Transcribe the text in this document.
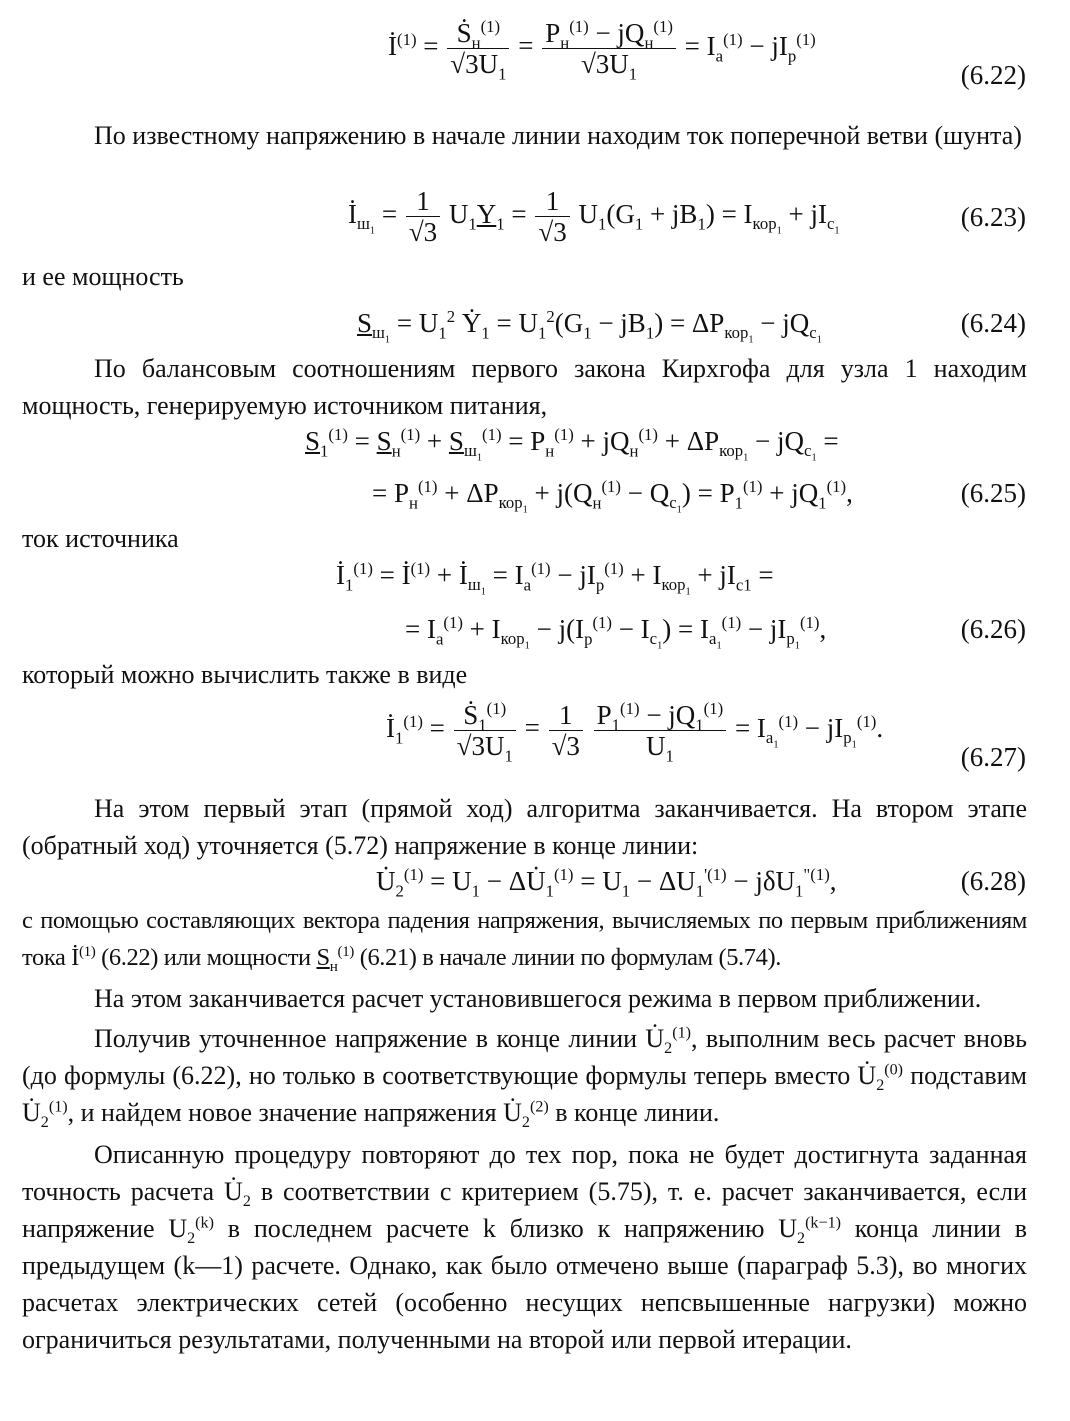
$İ^{(1)} = \frac{Ṡ_н^{(1)}}{√3U_1} = \frac{P_н^{(1)} - jQ_н^{(1)}}{√3U_1} = I_а^{(1)} - jI_р^{(1)}$
(6.22)
По известному напряжению в начале линии находим ток поперечной ветви (шунта)
$İ_{ш_1} = \frac{1}{√3} U_1Y_1 = \frac{1}{√3} U_1(G_1 + jB_1) = I_{кор_1} + jI_{c_1}$	(6.23)
и ее мощность
$S_{ш_1} = U_1^2$ $Ẏ_1 = U_1^2(G_1 - jB_1) = \Delta P_{кор_1} - jQ_{c_1}$
(6.24)
По балансовым соотношениям первого закона Кирхгофа для узла 1 находим мощность, генерируемую источником питания,
$S_1^{(1)} = S_н^{(1)} + S_{ш_1}^{(1)} = P_н^{(1)} + jQ_н^{(1)} + \Delta P_{кор_1} - jQ_{c_1}$ =
= $P_н^{(1)} + \Delta P_{кор_1} + j(Q_н^{(1)} - Q_{c_1}) = P_1^{(1)} + jQ_1^{(1)}$,	(6.25)
ток источника
$İ_1^{(1)}$ = $İ^{(1)}$ + $İ_{ш_1} = I_а^{(1)} - jI_р^{(1)} + I_{кор_1} + jI_{c1}$ =
= $I_а^{(1)} + I_{кор_1} - j(I_р^{(1)} - I_{c_1}) = I_{а_1}^{(1)} - jI_{р_1}^{(1)}$,	(6.26)
который можно вычислить также в виде
$İ_1^{(1)} = \frac{Ṡ_1^{(1)}}{√3U_1} = \frac{1}{√3}$
$\frac{P_1^{(1)} - jQ_1^{(1)}}{U_1} = I_{а_1}^{(1)} - jI_{р_1}^{(1)}$.
(6.27)
На этом первый этап (прямой ход) алгоритма заканчивается. На втором этапе (обратный ход) уточняется (5.72) напряжение в конце линии:
$U̇_2^{(1)} = U_1$ − $\Delta U̇_1^{(1)} = U_1 - \Delta U_1^{'(1)} - j\delta U_1^{"(1)}$,	(6.28)
с помощью составляющих вектора падения напряжения, вычисляемых по первым приближениям тока $İ^{(1)}$ (6.22) или мощности $S_н^{(1)}$ (6.21) в начале линии по формулам (5.74).
На этом заканчивается расчет установившегося режима в первом приближении.
Получив уточненное напряжение в конце линии $U̇_2^{(1)}$, выполним весь расчет вновь (до формулы (6.22), но только в соответствующие формулы теперь вместо $U̇_2^{(0)}$ подставим $U̇_2^{(1)}$, и найдем новое значение напряжения $U̇_2^{(2)}$ в конце линии.
Описанную процедуру повторяют до тех пор, пока не будет достигнута заданная точность расчета $U̇_2$ в соответствии с критерием (5.75), т. е. расчет заканчивается, если напряжение $U_2^{(k)}$ в последнем расчете k близко к напряжению $U_2^{(k-1)}$ конца линии в предыдущем (k—1) расчете. Однако, как было отмечено выше (параграф 5.3), во многих расчетах электрических сетей (особенно несущих непсвышенные нагрузки) можно ограничиться результатами, полученными на второй или первой итерации.
